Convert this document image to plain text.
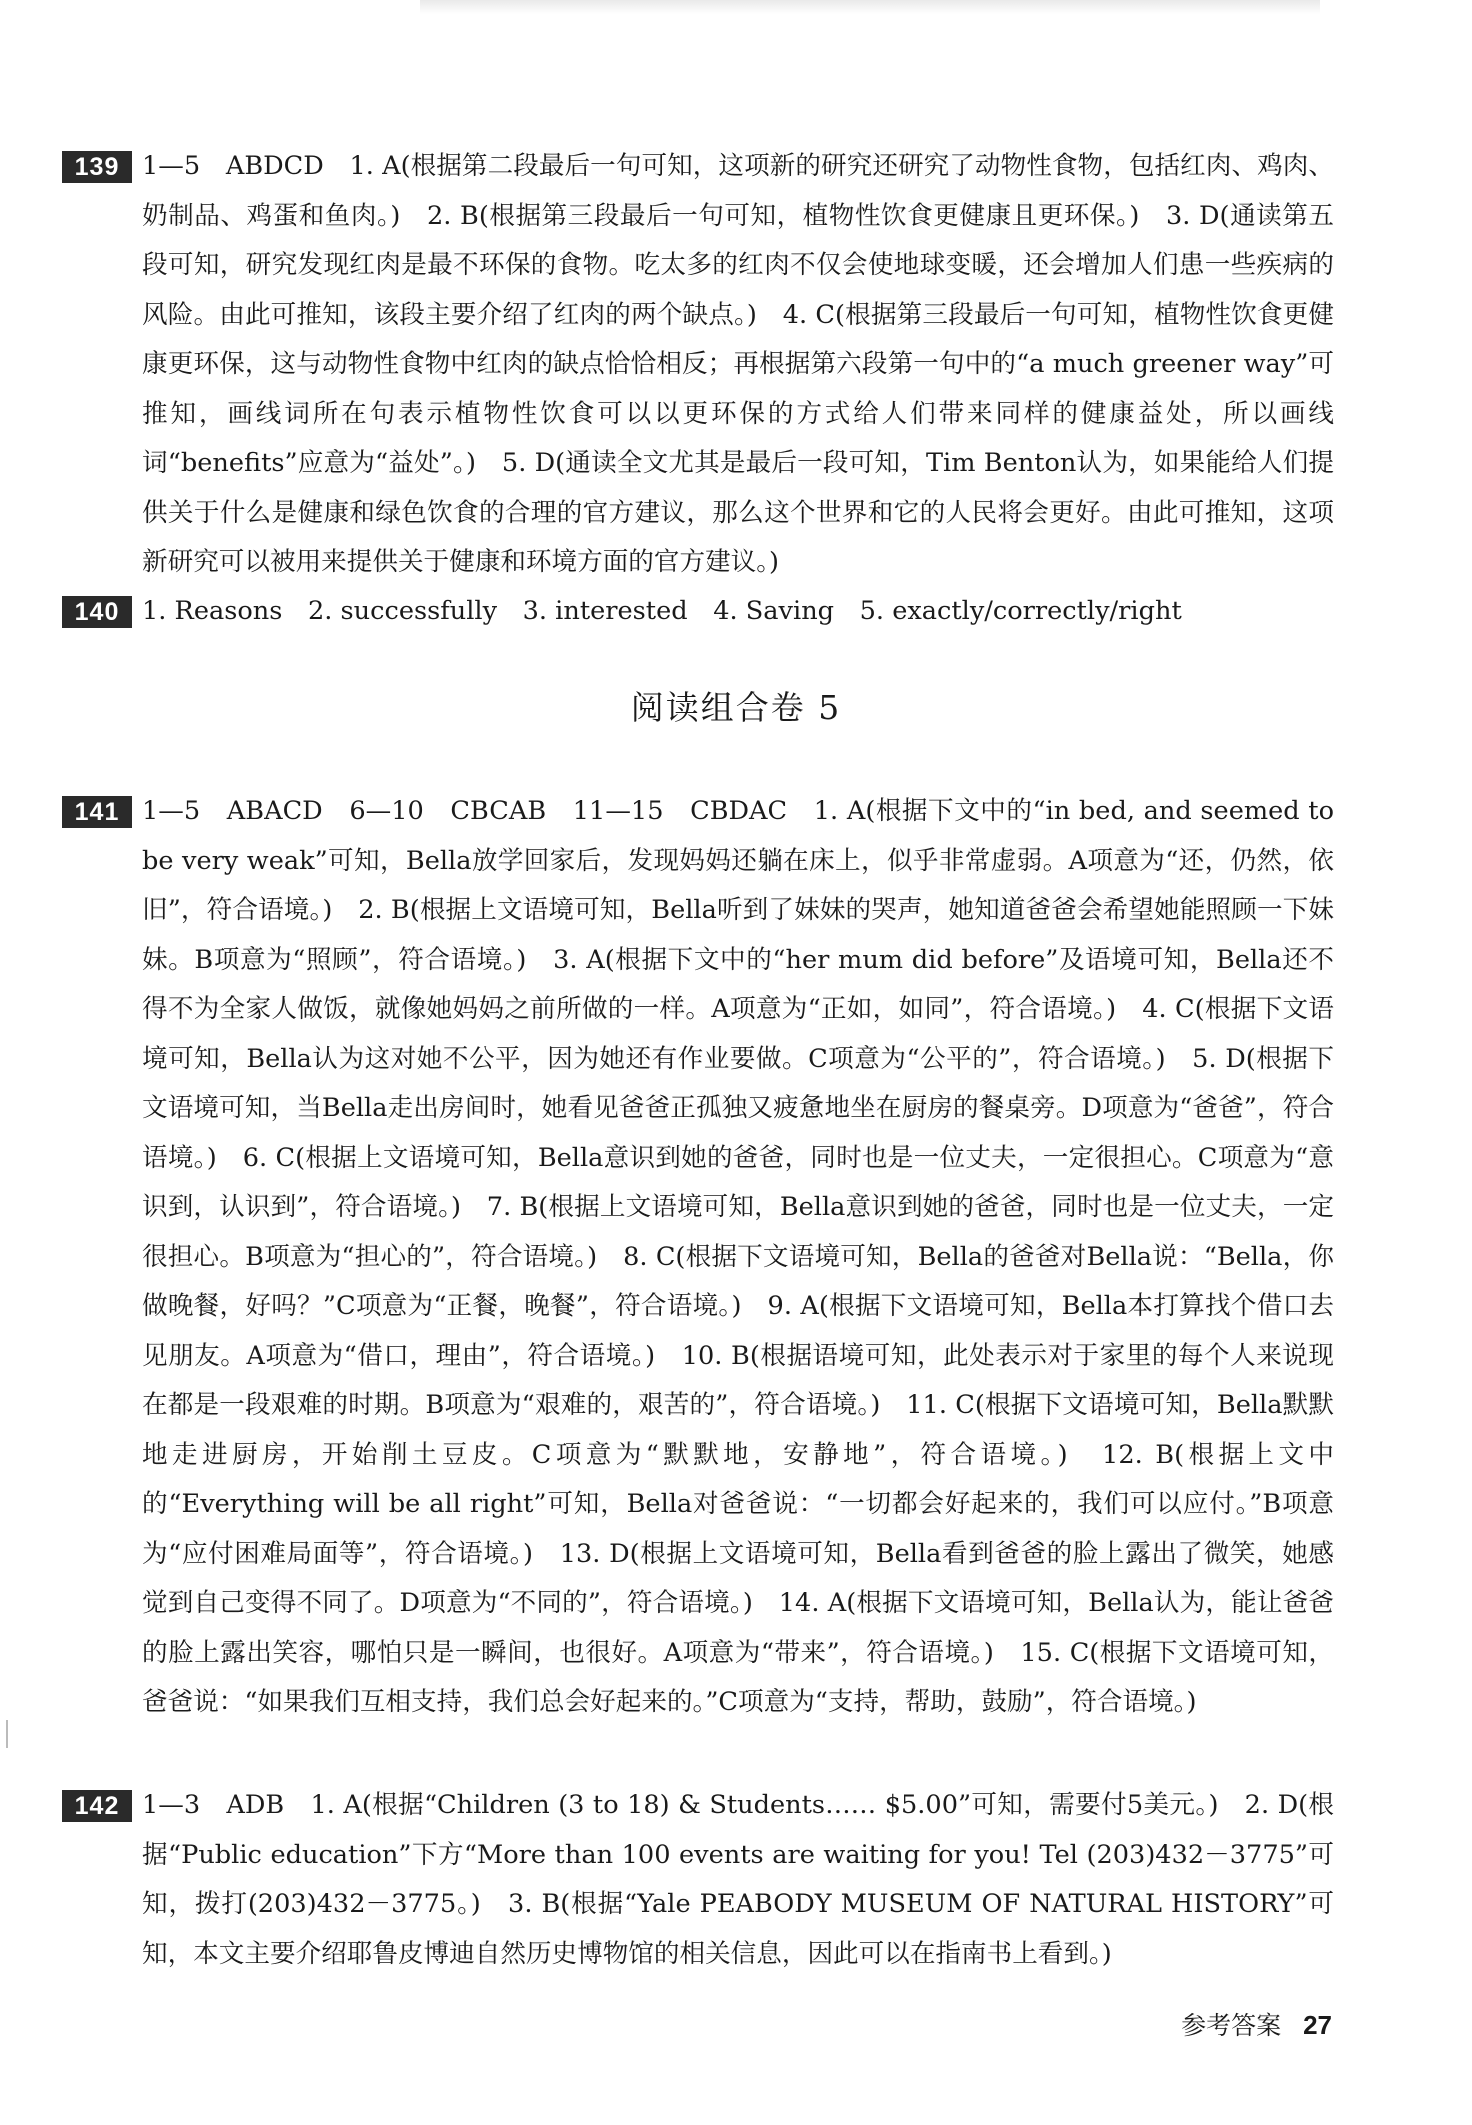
139 1—5　ABDCD　1. A(根据第二段最后一句可知，这项新的研究还研究了动物性食物，包括红肉、鸡肉、奶制品、鸡蛋和鱼肉。)　2. B(根据第三段最后一句可知，植物性饮食更健康且更环保。)　3. D(通读第五段可知，研究发现红肉是最不环保的食物。吃太多的红肉不仅会使地球变暖，还会增加人们患一些疾病的风险。由此可推知，该段主要介绍了红肉的两个缺点。)　4. C(根据第三段最后一句可知，植物性饮食更健康更环保，这与动物性食物中红肉的缺点恰恰相反；再根据第六段第一句中的“a much greener way”可推知，画线词所在句表示植物性饮食可以以更环保的方式给人们带来同样的健康益处，所以画线词“benefits”应意为“益处”。)　5. D(通读全文尤其是最后一段可知，Tim Benton认为，如果能给人们提供关于什么是健康和绿色饮食的合理的官方建议，那么这个世界和它的人民将会更好。由此可推知，这项新研究可以被用来提供关于健康和环境方面的官方建议。)
140 1. Reasons　2. successfully　3. interested　4. Saving　5. exactly/correctly/right
阅读组合卷 5
141 1—5　ABACD　6—10　CBCAB　11—15　CBDAC　1. A(根据下文中的“in bed, and seemed to be very weak”可知，Bella放学回家后，发现妈妈还躺在床上，似乎非常虚弱。A项意为“还，仍然，依旧”，符合语境。)　2. B(根据上文语境可知，Bella听到了妹妹的哭声，她知道爸爸会希望她能照顾一下妹妹。B项意为“照顾”，符合语境。)　3. A(根据下文中的“her mum did before”及语境可知，Bella还不得不为全家人做饭，就像她妈妈之前所做的一样。A项意为“正如，如同”，符合语境。)　4. C(根据下文语境可知，Bella认为这对她不公平，因为她还有作业要做。C项意为“公平的”，符合语境。)　5. D(根据下文语境可知，当Bella走出房间时，她看见爸爸正孤独又疲惫地坐在厨房的餐桌旁。D项意为“爸爸”，符合语境。)　6. C(根据上文语境可知，Bella意识到她的爸爸，同时也是一位丈夫，一定很担心。C项意为“意识到，认识到”，符合语境。)　7. B(根据上文语境可知，Bella意识到她的爸爸，同时也是一位丈夫，一定很担心。B项意为“担心的”，符合语境。)　8. C(根据下文语境可知，Bella的爸爸对Bella说：“Bella，你做晚餐，好吗？”C项意为“正餐，晚餐”，符合语境。)　9. A(根据下文语境可知，Bella本打算找个借口去见朋友。A项意为“借口，理由”，符合语境。)　10. B(根据语境可知，此处表示对于家里的每个人来说现在都是一段艰难的时期。B项意为“艰难的，艰苦的”，符合语境。)　11. C(根据下文语境可知，Bella默默地走进厨房，开始削土豆皮。C项意为“默默地，安静地”，符合语境。)　12. B(根据上文中的“Everything will be all right”可知，Bella对爸爸说：“一切都会好起来的，我们可以应付。”B项意为“应付困难局面等”，符合语境。)　13. D(根据上文语境可知，Bella看到爸爸的脸上露出了微笑，她感觉到自己变得不同了。D项意为“不同的”，符合语境。)　14. A(根据下文语境可知，Bella认为，能让爸爸的脸上露出笑容，哪怕只是一瞬间，也很好。A项意为“带来”，符合语境。)　15. C(根据下文语境可知，爸爸说：“如果我们互相支持，我们总会好起来的。”C项意为“支持，帮助，鼓励”，符合语境。)
142 1—3　ADB　1. A(根据“Children (3 to 18) & Students…… $5.00”可知，需要付5美元。)　2. D(根据“Public education”下方“More than 100 events are waiting for you! Tel (203)432－3775”可知，拨打(203)432－3775。)　3. B(根据“Yale PEABODY MUSEUM OF NATURAL HISTORY”可知，本文主要介绍耶鲁皮博迪自然历史博物馆的相关信息，因此可以在指南书上看到。)
参考答案 27
